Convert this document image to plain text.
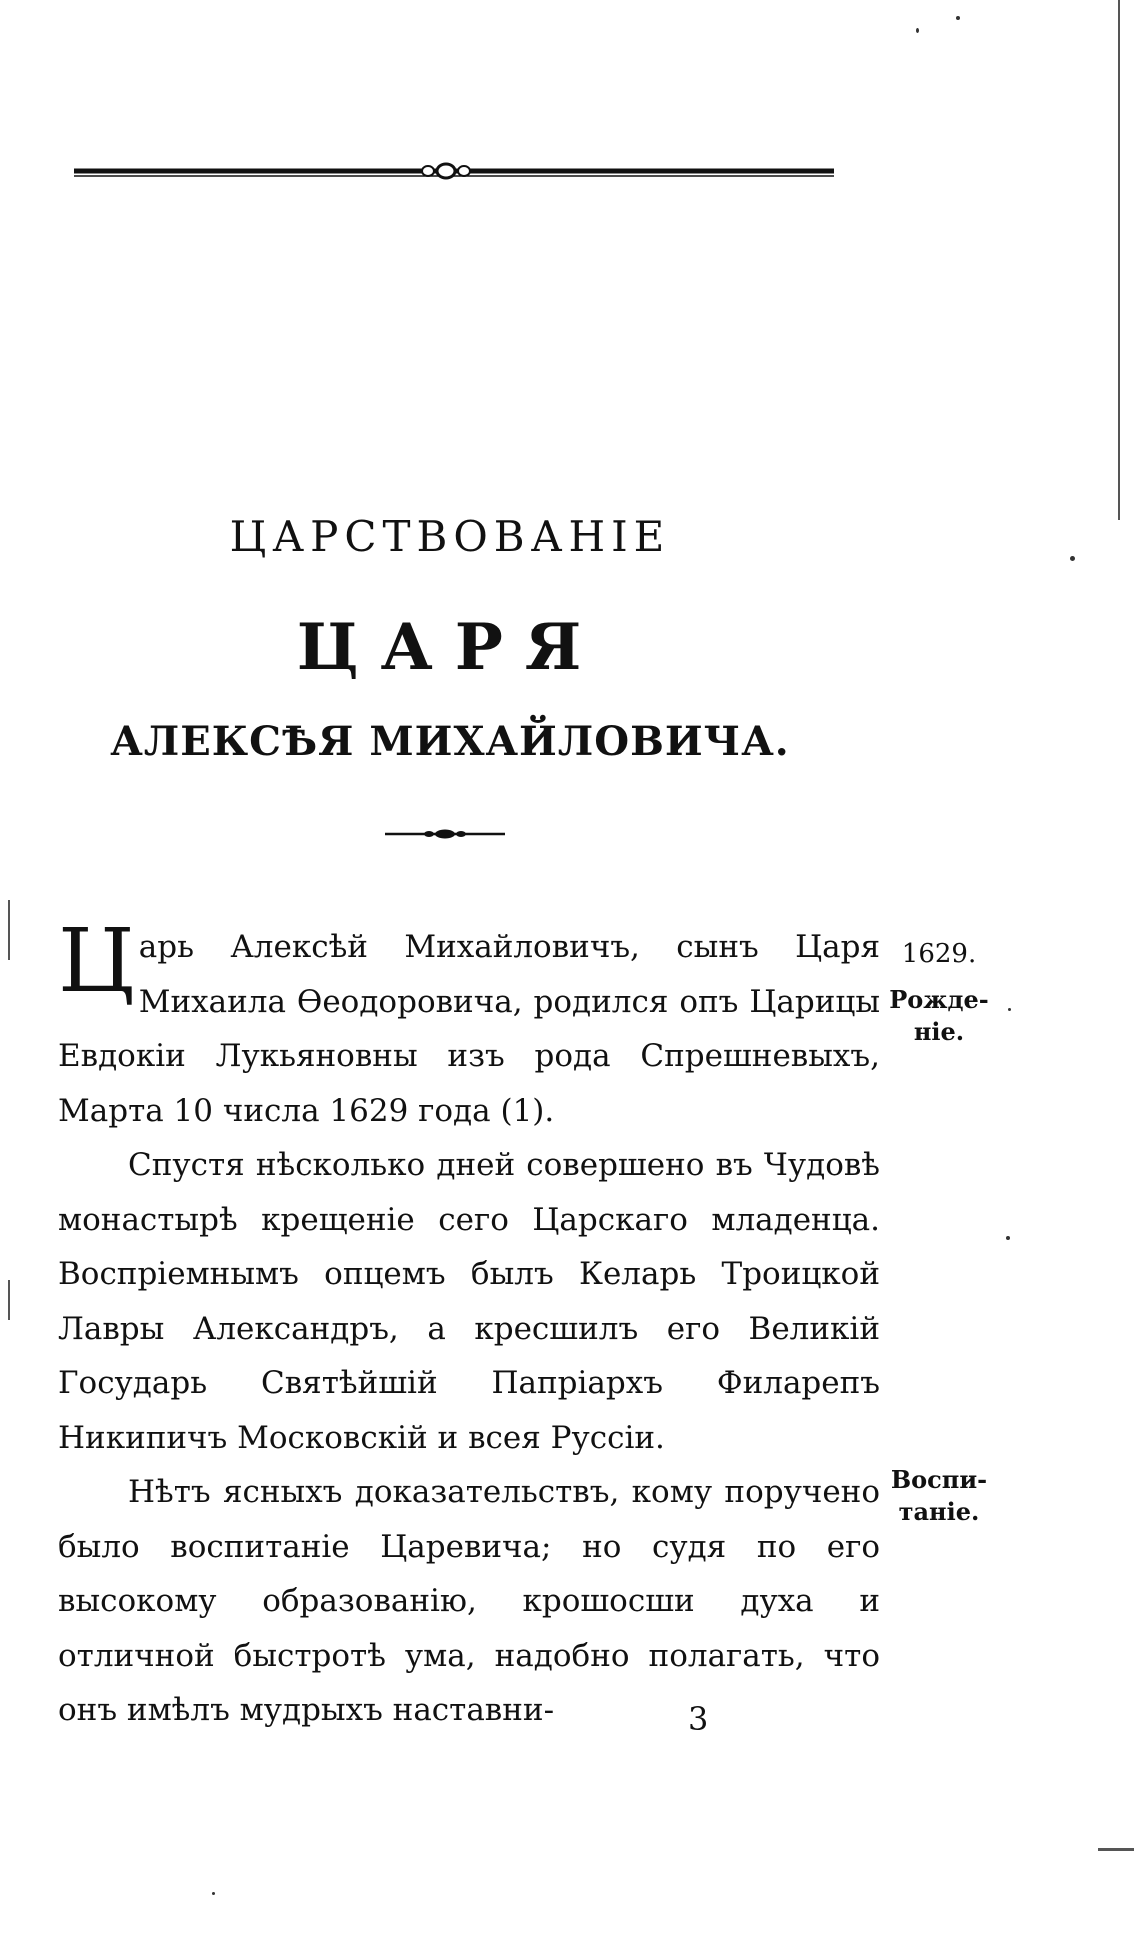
ЦАРСТВОВАНІЕ
ЦАРЯ
АЛЕКСѢЯ МИХАЙЛОВИЧА.

Царь Алексѣй Михайловичъ, сынъ Царя Михаила Ѳеодоровича, родился опъ Царицы Евдокіи Лукьяновны изъ рода Спрешневыхъ, Марта 10 числа 1629 года (1).

Спустя нѣсколько дней совершено въ Чудовѣ монастырѣ крещеніе сего Царскаго младенца. Воспріемнымъ опцемъ былъ Келарь Троицкой Лавры Александръ, а кресшилъ его Великій Государь Святѣйшій Папріархъ Филарепъ Никипичъ Московскій и всея Руссіи.

Нѣтъ ясныхъ доказательствъ, кому поручено было воспитаніе Царевича; но судя по его высокому образованію, крошосши духа и отличной быстротѣ ума, надобно полагать, что онъ имѣлъ мудрыхъ наставни-

1629.
Рожде-ніе.
Воспи-таніе.
3
